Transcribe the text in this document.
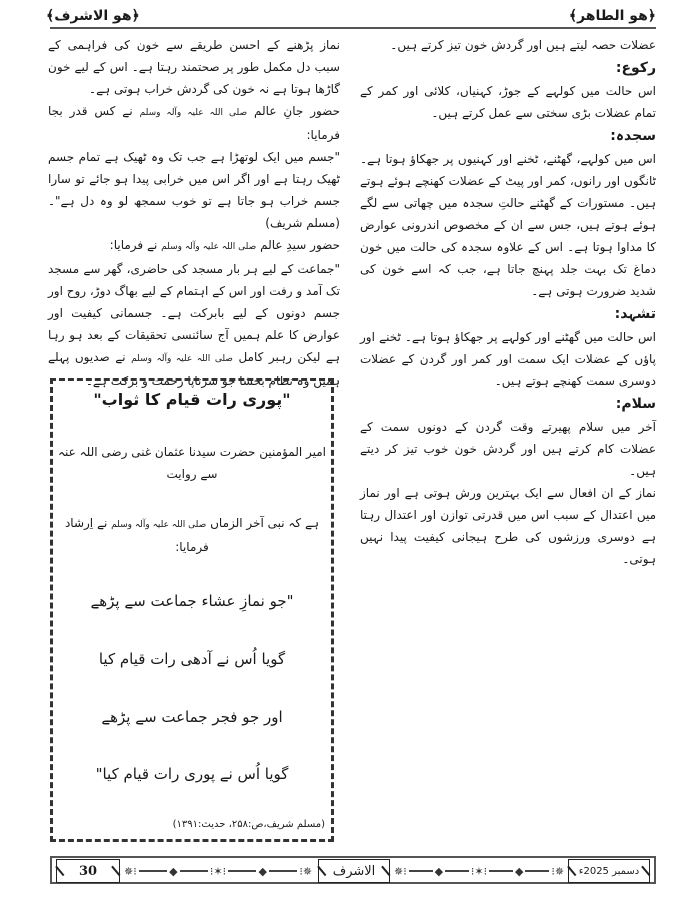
﴿هو الطاهر﴾
﴿هو الاشرف﴾

عضلات حصہ لیتے ہیں اور گردش خون تیز کرتے ہیں۔

رکوع:

اس حالت میں کولہے کے جوڑ، کہنیاں، کلائی اور کمر کے تمام عضلات بڑی سختی سے عمل کرتے ہیں۔

سجدہ:

اس میں کولہے، گھٹنے، ٹخنے اور کہنیوں پر جھکاؤ ہوتا ہے۔ ٹانگوں اور رانوں، کمر اور پیٹ کے عضلات کھنچے ہوئے ہوتے ہیں۔ مستورات کے گھٹنے حالتِ سجدہ میں چھاتی سے لگے ہوئے ہوتے ہیں، جس سے ان کے مخصوص اندرونی عوارض کا مداوا ہوتا ہے۔ اس کے علاوہ سجدہ کی حالت میں خون دماغ تک بہت جلد پہنچ جاتا ہے، جب کہ اسے خون کی شدید ضرورت ہوتی ہے۔

تشہد:

اس حالت میں گھٹنے اور کولہے پر جھکاؤ ہوتا ہے۔ ٹخنے اور پاؤں کے عضلات ایک سمت اور کمر اور گردن کے عضلات دوسری سمت کھنچے ہوتے ہیں۔

سلام:

آخر میں سلام پھیرتے وقت گردن کے دونوں سمت کے عضلات کام کرتے ہیں اور گردش خون خوب تیز کر دیتے ہیں۔

نماز کے ان افعال سے ایک بہترین ورش ہوتی ہے اور نماز میں اعتدال کے سبب اس میں قدرتی توازن اور اعتدال رہتا ہے دوسری ورزشوں کی طرح ہیجانی کیفیت پیدا نہیں ہوتی۔

نماز پڑھنے کے احسن طریقے سے خون کی فراہمی کے سبب دل مکمل طور پر صحتمند رہتا ہے۔ اس کے لیے خون گاڑھا ہوتا ہے نہ خون کی گردش خراب ہوتی ہے۔

حضور جانِ عالم صلی اللہ علیہ وآلہ وسلم نے کس قدر بجا فرمایا:

"جسم میں ایک لوتھڑا ہے جب تک وہ ٹھیک ہے تمام جسم ٹھیک رہتا ہے اور اگر اس میں خرابی پیدا ہو جائے تو سارا جسم خراب ہو جاتا ہے تو خوب سمجھ لو وہ دل ہے"۔ (مسلم شریف)

حضور سیدِ عالم صلی اللہ علیہ وآلہ وسلم نے فرمایا:

"جماعت کے لیے ہر بار مسجد کی حاضری، گھر سے مسجد تک آمد و رفت اور اس کے اہتمام کے لیے بھاگ دوڑ، روح اور جسم دونوں کے لیے بابرکت ہے۔ جسمانی کیفیت اور عوارض کا علم ہمیں آج سائنسی تحقیقات کے بعد ہو رہا ہے لیکن رہبر کامل صلی اللہ علیہ وآلہ وسلم نے صدیوں پہلے ہمیں وہ نظام بخشا جو سرتاپا رحمت و برکت ہے۔

"پوری رات قیام کا ثواب"
امیر المؤمنین حضرت سیدنا عثمان غنی رضی اللہ عنہ سے روایت
ہے کہ نبی آخر الزماں صلی اللہ علیہ وآلہ وسلم نے اِرشاد فرمایا:
"جو نمازِ عشاء جماعت سے پڑھے
گویا اُس نے آدھی رات قیام کیا
اور جو فجر جماعت سے پڑھے
گویا اُس نے پوری رات قیام کیا"
(مسلم شریف،ص:۲۵۸، حدیث:۱۳۹۱)
30	✵ ⁝	◆	⁝ ✶ ⁝	◆	⁝ ✵	الاشرف	✵ ⁝	◆	⁝ ✶ ⁝	◆	⁝ ✵	دسمبر 2025ء
